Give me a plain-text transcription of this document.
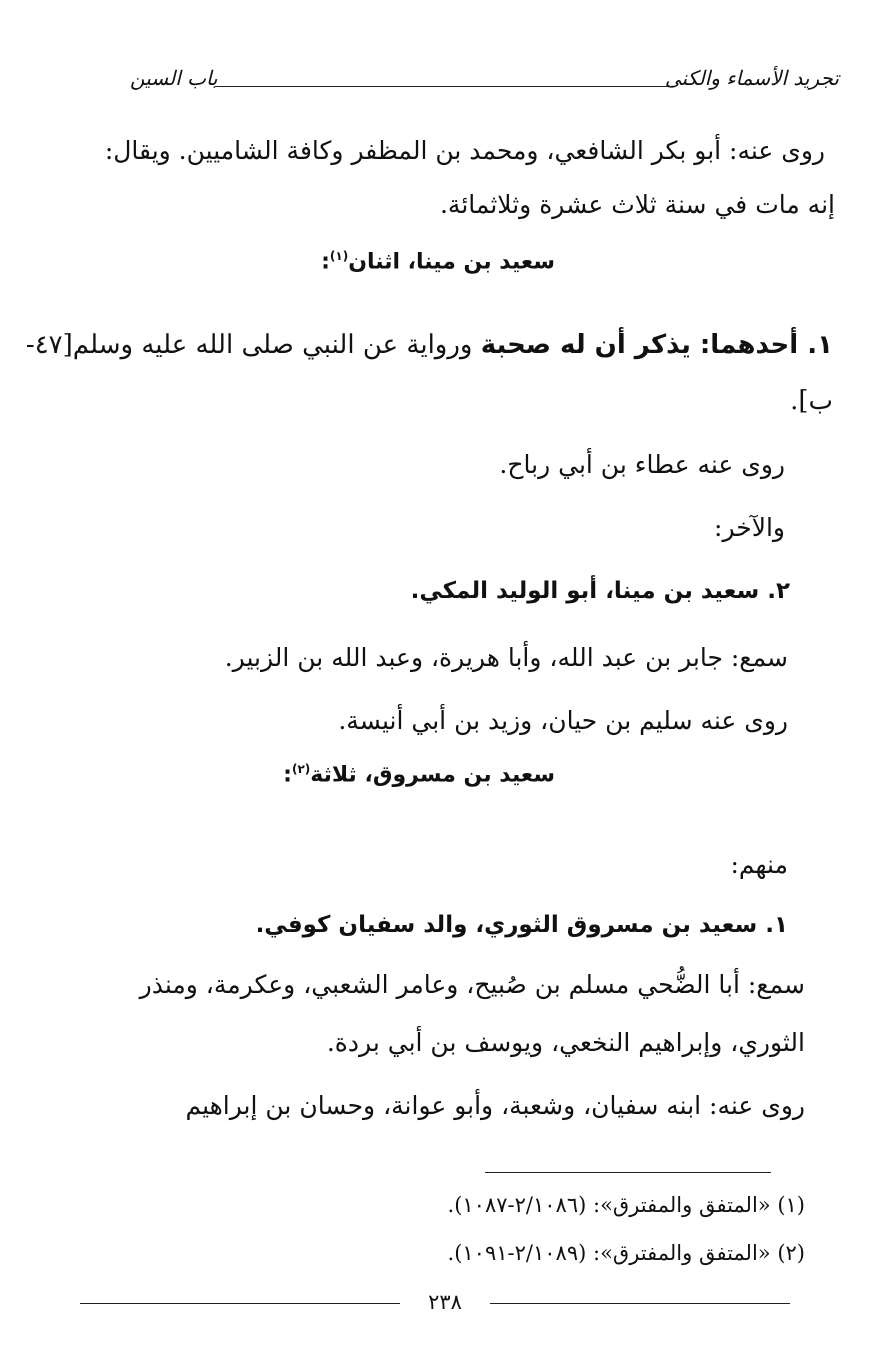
تجريد الأسماء والكنى
باب السين
روى عنه: أبو بكر الشافعي، ومحمد بن المظفر وكافة الشاميين. ويقال:
إنه مات في سنة ثلاث عشرة وثلاثمائة.
سعيد بن مينا، اثنان$^{(١)}$:
١. أحدهما: يذكر أن له صحبة ورواية عن النبي صلى الله عليه وسلم[٤٧-
ب].
روى عنه عطاء بن أبي رباح.
والآخر:
٢. سعيد بن مينا، أبو الوليد المكي.
سمع: جابر بن عبد الله، وأبا هريرة، وعبد الله بن الزبير.
روى عنه سليم بن حيان، وزيد بن أبي أنيسة.
سعيد بن مسروق، ثلاثة$^{(٢)}$:
منهم:
١. سعيد بن مسروق الثوري، والد سفيان كوفي.
سمع: أبا الضُّحي مسلم بن صُبيح، وعامر الشعبي، وعكرمة، ومنذر
الثوري، وإبراهيم النخعي، ويوسف بن أبي بردة.
روى عنه: ابنه سفيان، وشعبة، وأبو عوانة، وحسان بن إبراهيم
(١) «المتفق والمفترق»: (٢/١٠٨٦-١٠٨٧).
(٢) «المتفق والمفترق»: (٢/١٠٨٩-١٠٩١).
٢٣٨
